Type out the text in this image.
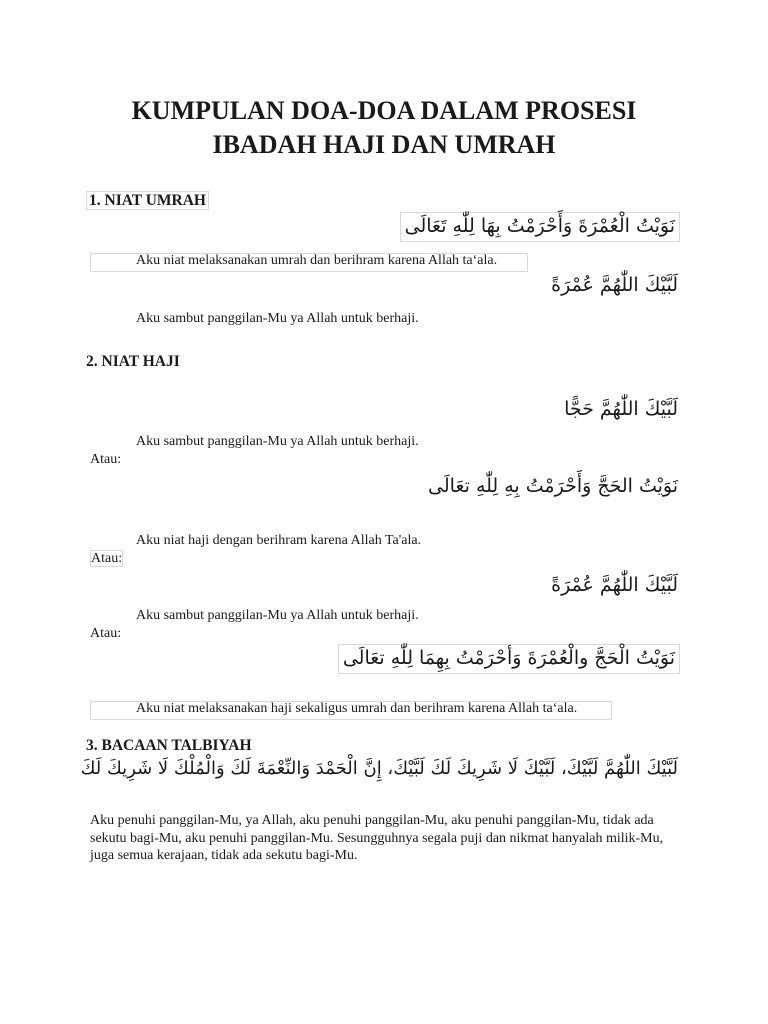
KUMPULAN DOA-DOA DALAM PROSESI
IBADAH HAJI DAN UMRAH
1. NIAT UMRAH
نَوَيْتُ الْعُمْرَةَ وَأَحْرَمْتُ بِهَا لِلّٰهِ تَعَالَى
Aku niat melaksanakan umrah dan berihram karena Allah ta‘ala.
لَبَّيْكَ اللّٰهُمَّ عُمْرَةً
Aku sambut panggilan-Mu ya Allah untuk berhaji.
2. NIAT HAJI
لَبَّيْكَ اللّٰهُمَّ حَجًّا
Aku sambut panggilan-Mu ya Allah untuk berhaji.
Atau:
نَوَيْتُ الحَجَّ وَأَحْرَمْتُ بِهِ لِلّٰهِ تعَالَى
Aku niat haji dengan berihram karena Allah Ta'ala.
Atau:
لَبَّيْكَ اللّٰهُمَّ عُمْرَةً
Aku sambut panggilan-Mu ya Allah untuk berhaji.
Atau:
نَوَيْتُ الْحَجَّ والْعُمْرَةَ وَأحْرَمْتُ بِهِمَا لِلّٰهِ تعَالَى
Aku niat melaksanakan haji sekaligus umrah dan berihram karena Allah ta‘ala.
3. BACAAN TALBIYAH
لَبَّيْكَ اللّٰهُمَّ لَبَّيْكَ، لَبَّيْكَ لَا شَرِيكَ لَكَ لَبَّيْكَ، إِنَّ الْحَمْدَ وَالنِّعْمَةَ لَكَ وَالْمُلْكَ لَا شَرِيكَ لَكَ
Aku penuhi panggilan-Mu, ya Allah, aku penuhi panggilan-Mu, aku penuhi panggilan-Mu, tidak ada sekutu bagi-Mu, aku penuhi panggilan-Mu. Sesungguhnya segala puji dan nikmat hanyalah milik-Mu, juga semua kerajaan, tidak ada sekutu bagi-Mu.
